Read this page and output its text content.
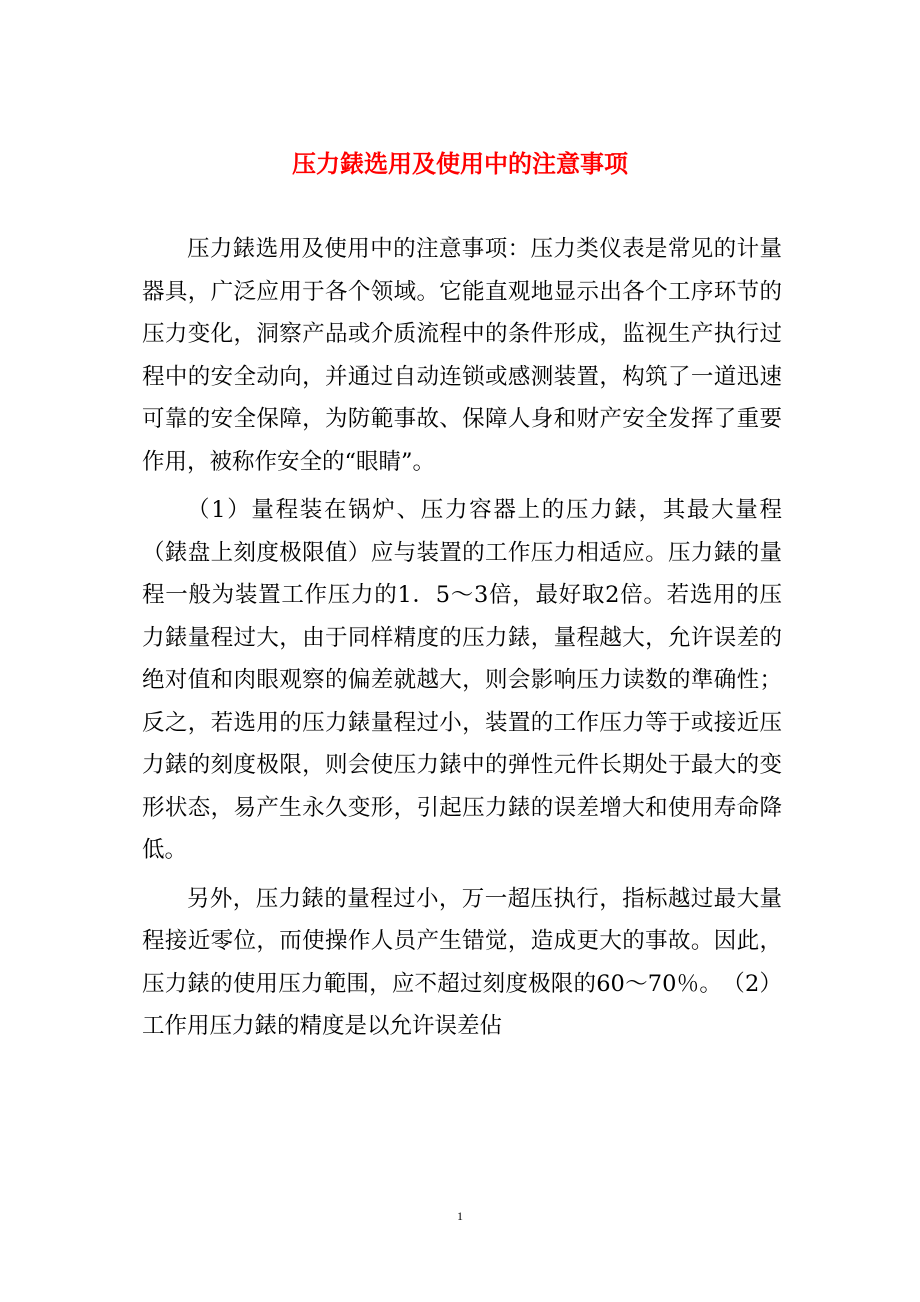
压力錶选用及使用中的注意事项

压力錶选用及使用中的注意事项：压力类仪表是常见的计量器具，广泛应用于各个领域。它能直观地显示出各个工序环节的压力变化，洞察产品或介质流程中的条件形成，监视生产执行过程中的安全动向，并通过自动连锁或感测装置，构筑了一道迅速可靠的安全保障，为防範事故、保障人身和财产安全发挥了重要作用，被称作安全的“眼睛”。

（1）量程装在锅炉、压力容器上的压力錶，其最大量程（錶盘上刻度极限值）应与装置的工作压力相适应。压力錶的量程一般为装置工作压力的1．5～3倍，最好取2倍。若选用的压力錶量程过大，由于同样精度的压力錶，量程越大，允许误差的绝对值和肉眼观察的偏差就越大，则会影响压力读数的準确性；反之，若选用的压力錶量程过小，装置的工作压力等于或接近压力錶的刻度极限，则会使压力錶中的弹性元件长期处于最大的变形状态，易产生永久变形，引起压力錶的误差增大和使用寿命降低。

另外，压力錶的量程过小，万一超压执行，指标越过最大量程接近零位，而使操作人员产生错觉，造成更大的事故。因此，压力錶的使用压力範围，应不超过刻度极限的60～70％。　（2）工作用压力錶的精度是以允许误差佔

1
